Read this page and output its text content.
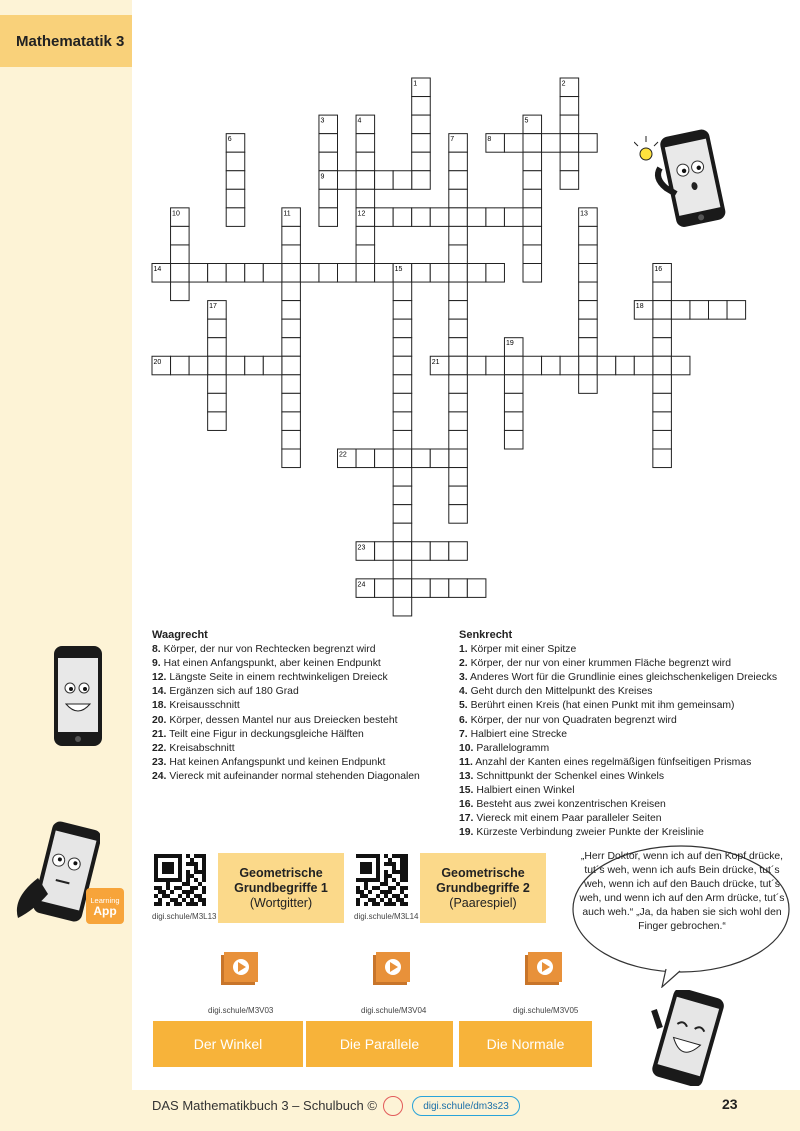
Mathematatik 3
1	2
3	4	5
6	7	8
9
10	11	12	13
14	15	16
17	18
19
20	21
22
23
24
Waagrecht
8. Körper, der nur von Rechtecken begrenzt wird
9. Hat einen Anfangspunkt, aber keinen Endpunkt
12. Längste Seite in einem rechtwinkeligen Dreieck
14. Ergänzen sich auf 180 Grad
18. Kreisausschnitt
20. Körper, dessen Mantel nur aus Dreiecken besteht
21. Teilt eine Figur in deckungsgleiche Hälften
22. Kreisabschnitt
23. Hat keinen Anfangspunkt und keinen Endpunkt
24. Viereck mit aufeinander normal stehenden Diagonalen
Senkrecht
1. Körper mit einer Spitze
2. Körper, der nur von einer krummen Fläche begrenzt wird
3. Anderes Wort für die Grundlinie eines gleichschenkeligen Dreiecks
4. Geht durch den Mittelpunkt des Kreises
5. Berührt einen Kreis (hat einen Punkt mit ihm gemeinsam)
6. Körper, der nur von Quadraten begrenzt wird
7. Halbiert eine Strecke
10. Parallelogramm
11. Anzahl der Kanten eines regelmäßigen fünfseitigen Prismas
13. Schnittpunkt der Schenkel eines Winkels
15. Halbiert einen Winkel
16. Besteht aus zwei konzentrischen Kreisen
17. Viereck mit einem Paar paralleler Seiten
19. Kürzeste Verbindung zweier Punkte der Kreislinie
Learning
App	digi.schule/M3L13
Geometrische Grundbegriffe 1
(Wortgitter)
digi.schule/M3L14
Geometrische Grundbegriffe 2
(Paarespiel)
digi.schule/M3V03
Der Winkel
digi.schule/M3V04
Die Parallele
digi.schule/M3V05
Die Normale
„Herr Doktor, wenn ich auf den Kopf drücke, tut´s weh, wenn ich aufs Bein drücke, tut´s weh, wenn ich auf den Bauch drücke, tut´s weh, und wenn ich auf den Arm drücke, tut´s auch weh.“ „Ja, da haben sie sich wohl den Finger gebrochen.“
DAS Mathematikbuch 3 – Schulbuch ©	digi.schule/dm3s23	23
